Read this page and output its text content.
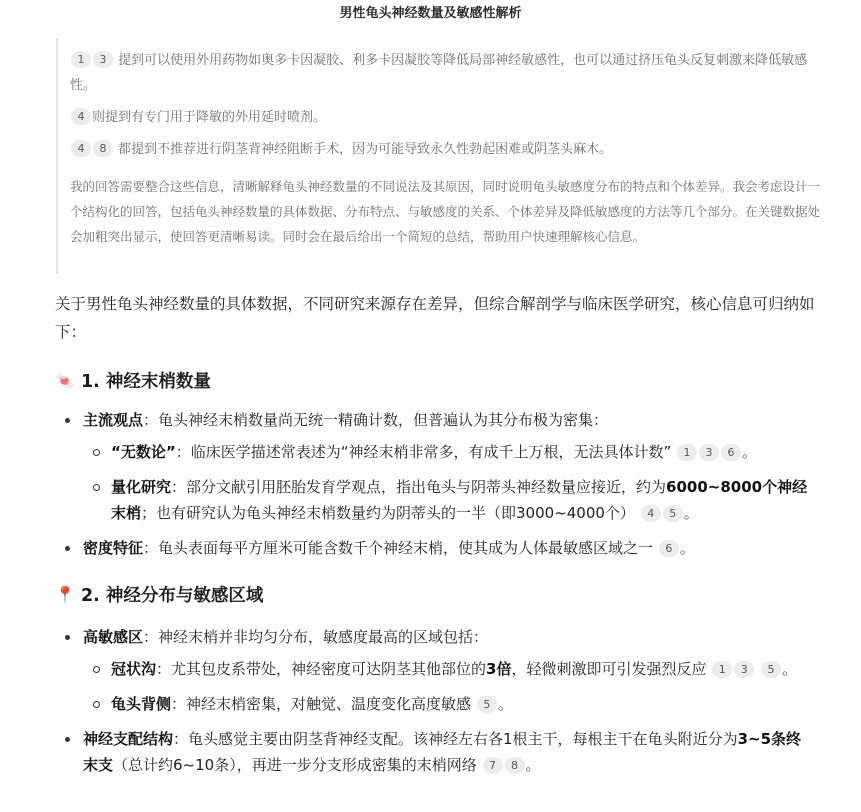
男性龟头神经数量及敏感性解析
1 3 提到可以使用外用药物如奥多卡因凝胶、利多卡因凝胶等降低局部神经敏感性，也可以通过挤压龟头反复刺激来降低敏感性。
4 则提到有专门用于降敏的外用延时喷剂。
4 8 都提到不推荐进行阴茎背神经阻断手术，因为可能导致永久性勃起困难或阴茎头麻木。
我的回答需要整合这些信息，清晰解释龟头神经数量的不同说法及其原因，同时说明龟头敏感度分布的特点和个体差异。我会考虑设计一个结构化的回答，包括龟头神经数量的具体数据、分布特点、与敏感度的关系、个体差异及降低敏感度的方法等几个部分。在关键数据处会加粗突出显示，使回答更清晰易读。同时会在最后给出一个简短的总结，帮助用户快速理解核心信息。

关于男性龟头神经数量的具体数据，不同研究来源存在差异，但综合解剖学与临床医学研究，核心信息可归纳如下：

🍬 1. 神经末梢数量
主流观点：龟头神经末梢数量尚无统一精确计数，但普遍认为其分布极为密集：
“无数论”：临床医学描述常表述为“神经末梢非常多，有成千上万根，无法具体计数” 1 3 6 。
量化研究：部分文献引用胚胎发育学观点，指出龟头与阴蒂头神经数量应接近，约为6000~8000个神经末梢；也有研究认为龟头神经末梢数量约为阴蒂头的一半（即3000~4000个） 4 5 。
密度特征：龟头表面每平方厘米可能含数千个神经末梢，使其成为人体最敏感区域之一 6 。
📍 2. 神经分布与敏感区域
高敏感区：神经末梢并非均匀分布，敏感度最高的区域包括：
冠状沟：尤其包皮系带处，神经密度可达阴茎其他部位的3倍，轻微刺激即可引发强烈反应 1 3 5 。
龟头背侧：神经末梢密集，对触觉、温度变化高度敏感 5 。
神经支配结构：龟头感觉主要由阴茎背神经支配。该神经左右各1根主干，每根主干在龟头附近分为3~5条终末支（总计约6~10条），再进一步分支形成密集的末梢网络 7 8 。
